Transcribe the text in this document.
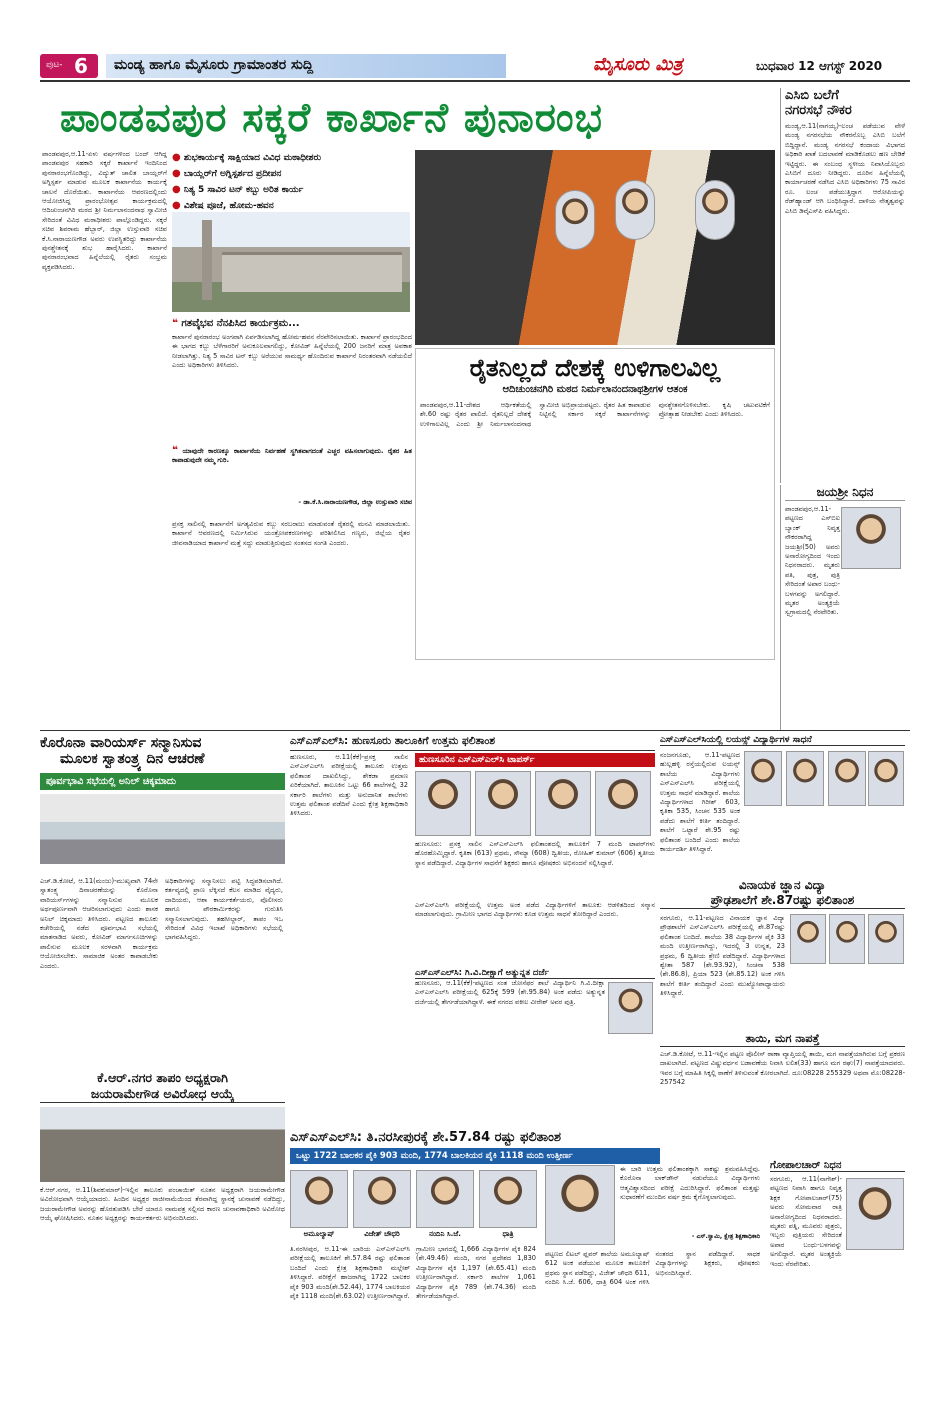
ಪುಟ- 6	ಮಂಡ್ಯ ಹಾಗೂ ಮೈಸೂರು ಗ್ರಾಮಾಂತರ ಸುದ್ದಿ	ಮೈಸೂರು ಮಿತ್ರ	ಬುಧವಾರ 12 ಆಗಸ್ಟ್ 2020
ಪಾಂಡವಪುರ ಸಕ್ಕರೆ ಕಾರ್ಖಾನೆ ಪುನಾರಂಭ
ಪಾಂಡವಪುರ,ಆ.11-ಏಳು ವರ್ಷಗಳಿಂದ ಬಂದ್ ಆಗಿದ್ದ ಪಾಂಡವಪುರ ಸಹಕಾರಿ ಸಕ್ಕರೆ ಕಾರ್ಖಾನೆ ಇಂದಿನಿಂದ ಪುನರಾರಂಭಗೊಂಡಿದ್ದು, ವಿದ್ಯುತ್ ಚಾಲಿತ ಬಾಯ್ಲರ್‌ಗೆ ಅಗ್ನಿಸ್ಪರ್ಶ ಮಾಡುವ ಮೂಲಕ ಕಾರ್ಖಾನೆಯ ಕಾರ್ಯಕ್ಕೆ ಚಾಲನೆ ದೊರೆಯಿತು. ಕಾರ್ಖಾನೆಯ ಆವರಣದಲ್ಲಿಂದು ಆಯೋಜಿಸಿದ್ದ ಪ್ರಾರಂಭೋತ್ಸವ ಕಾರ್ಯಕ್ರಮದಲ್ಲಿ ಆದಿಚುಂಚನಗಿರಿ ಮಠದ ಶ್ರೀ ನಿರ್ಮಲಾನಂದನಾಥ ಸ್ವಾಮೀಜಿ ಸೇರಿದಂತೆ ವಿವಿಧ ಮಠಾಧೀಶರು ಪಾಲ್ಗೊಂಡಿದ್ದರು. ಸಕ್ಕರೆ ಸಚಿವ ಶಿವರಾಮ ಹೆಬ್ಬಾರ್, ಜಿಲ್ಲಾ ಉಸ್ತುವಾರಿ ಸಚಿವ ಕೆ.ಸಿ.ನಾರಾಯಣಗೌಡ ಅವರು ಉಪಸ್ಥಿತರಿದ್ದು ಕಾರ್ಖಾನೆಯ ಪುನಶ್ಚೇತನಕ್ಕೆ ಶುಭ ಹಾರೈಸಿದರು. ಕಾರ್ಖಾನೆ ಪುನರಾರಂಭವಾದ ಹಿನ್ನೆಲೆಯಲ್ಲಿ ರೈತರು ಸಂಭ್ರಮ ವ್ಯಕ್ತಪಡಿಸಿದರು.
● ಶುಭಕಾರ್ಯಕ್ಕೆ ಸಾಕ್ಷಿಯಾದ ವಿವಿಧ ಮಠಾಧೀಶರು
● ಬಾಯ್ಲರ್‌ಗೆ ಅಗ್ನಿಸ್ಪರ್ಶದ ಪ್ರದೀಪನ
● ನಿತ್ಯ 5 ಸಾವಿರ ಟನ್ ಕಬ್ಬು ಅರಿತ ಕಾರ್ಯ
● ವಿಶೇಷ ಪೂಜೆ, ಹೋಮ-ಹವನ
❝ ಗತವೈಭವ ನೆನಪಿಸಿದ ಕಾರ್ಯಕ್ರಮ...
ಕಾರ್ಖಾನೆ ಪುನರಾರಂಭ ಅಂಗವಾಗಿ ಏರ್ಪಡಿಸಲಾಗಿದ್ದ ಹೋಮ-ಹವನ ನೆರವೇರಿಸಲಾಯಿತು. ಕಾರ್ಖಾನೆ ಪ್ರಾರಂಭದಿಂದ ಈ ಭಾಗದ ಕಬ್ಬು ಬೆಳೆಗಾರರಿಗೆ ಅನುಕೂಲವಾಗಲಿದ್ದು, ಕೋವಿಡ್ ಹಿನ್ನೆಲೆಯಲ್ಲಿ 200 ಜನರಿಗೆ ಮಾತ್ರ ಅವಕಾಶ ನೀಡಲಾಗಿತ್ತು. ನಿತ್ಯ 5 ಸಾವಿರ ಟನ್ ಕಬ್ಬು ಅರೆಯುವ ಸಾಮರ್ಥ್ಯ ಹೊಂದಿರುವ ಕಾರ್ಖಾನೆ ನಿರಂತರವಾಗಿ ನಡೆಯಲಿದೆ ಎಂದು ಅಧಿಕಾರಿಗಳು ತಿಳಿಸಿದರು.
❝ ಯಾವುದೇ ಕಾರಣಕ್ಕೂ ಕಾರ್ಖಾನೆಯ ನಿರ್ವಹಣೆ ಸ್ಥಗಿತವಾಗದಂತೆ ಎಚ್ಚರ ವಹಿಸಲಾಗುವುದು. ರೈತರ ಹಿತ ಕಾಪಾಡುವುದೇ ನಮ್ಮ ಗುರಿ.
- ಡಾ.ಕೆ.ಸಿ.ನಾರಾಯಣಗೌಡ, ಜಿಲ್ಲಾ ಉಸ್ತುವಾರಿ ಸಚಿವ
ಪ್ರಸಕ್ತ ಸಾಲಿನಲ್ಲಿ ಕಾರ್ಖಾನೆಗೆ ಅಗತ್ಯವಿರುವ ಕಬ್ಬು ಸರಬರಾಜು ಮಾಡುವಂತೆ ರೈತರಲ್ಲಿ ಮನವಿ ಮಾಡಲಾಯಿತು. ಕಾರ್ಖಾನೆ ಆವರಣದಲ್ಲಿ ನಿರ್ಮಿಸಿರುವ ಯಂತ್ರೋಪಕರಣಗಳನ್ನು ಪರಿಶೀಲಿಸಿದ ಗಣ್ಯರು, ಜಿಲ್ಲೆಯ ರೈತರ ಜೀವನಾಡಿಯಾದ ಕಾರ್ಖಾನೆ ಮತ್ತೆ ಸದ್ದು ಮಾಡುತ್ತಿರುವುದು ಸಂತಸದ ಸಂಗತಿ ಎಂದರು.
ರೈತನಿಲ್ಲದೆ ದೇಶಕ್ಕೆ ಉಳಿಗಾಲವಿಲ್ಲ
ಆದಿಚುಂಚನಗಿರಿ ಮಠದ ನಿರ್ಮಲಾನಂದನಾಥಶ್ರೀಗಳ ಆತಂಕ
ಪಾಂಡವಪುರ,ಆ.11-ದೇಶದ ಆರ್ಥಿಕತೆಯಲ್ಲಿ ಶೇ.60 ರಷ್ಟು ರೈತರ ಪಾಲಿದೆ. ರೈತನಿಲ್ಲದೆ ದೇಶಕ್ಕೆ ಉಳಿಗಾಲವಿಲ್ಲ ಎಂದು ಶ್ರೀ ನಿರ್ಮಲಾನಂದನಾಥ ಸ್ವಾಮೀಜಿ ಅಭಿಪ್ರಾಯಪಟ್ಟರು. ರೈತರ ಹಿತ ಕಾಪಾಡುವ ನಿಟ್ಟಿನಲ್ಲಿ ಸರ್ಕಾರ ಸಕ್ಕರೆ ಕಾರ್ಖಾನೆಗಳನ್ನು ಪುನಶ್ಚೇತನಗೊಳಿಸಬೇಕು. ಕೃಷಿ ಚಟುವಟಿಕೆಗೆ ಪ್ರೋತ್ಸಾಹ ನೀಡಬೇಕು ಎಂದು ತಿಳಿಸಿದರು.
ಎಸಿಬಿ ಬಲೆಗೆ
ನಗರಸಭೆ ನೌಕರ
ಮಂಡ್ಯ,ಆ.11(ನಾಗಯ್ಯ)-ಲಂಚ ಪಡೆಯುವ ವೇಳೆ ಮಂಡ್ಯ ನಗರಸಭೆಯ ನೌಕರನೊಬ್ಬ ಎಸಿಬಿ ಬಲೆಗೆ ಬಿದ್ದಿದ್ದಾನೆ. ಮಂಡ್ಯ ನಗರಸಭೆ ಕಂದಾಯ ವಿಭಾಗದ ಅಧಿಕಾರಿ ಖಾತೆ ಬದಲಾವಣೆ ಮಾಡಿಕೊಡಲು ಹಣ ಬೇಡಿಕೆ ಇಟ್ಟಿದ್ದರು. ಈ ಸಂಬಂಧ ಸ್ಥಳೀಯ ನಿವಾಸಿಯೊಬ್ಬರು ಎಸಿಬಿಗೆ ದೂರು ನೀಡಿದ್ದರು. ದೂರಿನ ಹಿನ್ನೆಲೆಯಲ್ಲಿ ಕಾರ್ಯಾಚರಣೆ ನಡೆಸಿದ ಎಸಿಬಿ ಅಧಿಕಾರಿಗಳು 75 ಸಾವಿರ ರೂ. ಲಂಚ ಪಡೆಯುತ್ತಿದ್ದಾಗ ಆರೋಪಿಯನ್ನು ರೆಡ್‌ಹ್ಯಾಂಡ್ ಆಗಿ ಬಂಧಿಸಿದ್ದಾರೆ. ದಾಳಿಯ ನೇತೃತ್ವವನ್ನು ಎಸಿಬಿ ಡಿವೈಎಸ್‌ಪಿ ವಹಿಸಿದ್ದರು.
ಜಯಶ್ರೀ ನಿಧನ
ಪಾಂಡವಪುರ,ಆ.11-ಪಟ್ಟಣದ ಎಸ್‌ಬಿಐ ಬ್ಯಾಂಕ್ ನಿವೃತ್ತ ನೌಕರರಾಗಿದ್ದ ಜಯಶ್ರೀ(50) ಅವರು ಅನಾರೋಗ್ಯದಿಂದ ಇಂದು ನಿಧನರಾದರು. ಮೃತರು ಪತಿ, ಪುತ್ರ, ಪುತ್ರಿ ಸೇರಿದಂತೆ ಅಪಾರ ಬಂಧು-ಬಳಗವನ್ನು ಅಗಲಿದ್ದಾರೆ. ಮೃತರ ಅಂತ್ಯಕ್ರಿಯೆ ಸ್ವಗ್ರಾಮದಲ್ಲಿ ನೆರವೇರಿತು.
ಕೊರೊನಾ ವಾರಿಯರ್ಸ್ ಸನ್ಮಾನಿಸುವ
ಮೂಲಕ ಸ್ವಾತಂತ್ರ್ಯ ದಿನ ಆಚರಣೆ
ಪೂರ್ವಭಾವಿ ಸಭೆಯಲ್ಲಿ ಅನಿಲ್ ಚಿಕ್ಕಮಾದು
ಎಚ್.ಡಿ.ಕೋಟೆ, ಆ.11(ಮಂಜು)-ಮುಖ್ಯವಾಗಿ 74ನೇ ಸ್ವಾತಂತ್ರ್ಯ ದಿನಾಚರಣೆಯನ್ನು ಕೊರೊನಾ ವಾರಿಯರ್ಸ್‌ಗಳನ್ನು ಸನ್ಮಾನಿಸುವ ಮೂಲಕ ಅರ್ಥಪೂರ್ಣವಾಗಿ ಆಚರಿಸಲಾಗುವುದು ಎಂದು ಶಾಸಕ ಅನಿಲ್ ಚಿಕ್ಕಮಾದು ತಿಳಿಸಿದರು. ಪಟ್ಟಣದ ತಾಲೂಕು ಕಚೇರಿಯಲ್ಲಿ ನಡೆದ ಪೂರ್ವಭಾವಿ ಸಭೆಯಲ್ಲಿ ಮಾತನಾಡಿದ ಅವರು, ಕೋವಿಡ್ ಮಾರ್ಗಸೂಚಿಗಳನ್ನು ಪಾಲಿಸುವ ಮೂಲಕ ಸರಳವಾಗಿ ಕಾರ್ಯಕ್ರಮ ಆಯೋಜಿಸಬೇಕು. ಸಾಮಾಜಿಕ ಅಂತರ ಕಾಪಾಡಬೇಕು ಎಂದರು.
ಅಧಿಕಾರಿಗಳನ್ನು ಸನ್ಮಾನಿಸಲು ಪಟ್ಟಿ ಸಿದ್ಧಪಡಿಸಲಾಗಿದೆ. ಕರ್ತವ್ಯದಲ್ಲಿ ಪ್ರಾಣ ಲೆಕ್ಕಿಸದೆ ಕೆಲಸ ಮಾಡಿದ ವೈದ್ಯರು, ದಾದಿಯರು, ಆಶಾ ಕಾರ್ಯಕರ್ತೆಯರು, ಪೊಲೀಸರು ಹಾಗೂ ಪೌರಕಾರ್ಮಿಕರನ್ನು ಗುರುತಿಸಿ ಸನ್ಮಾನಿಸಲಾಗುವುದು. ತಹಸೀಲ್ದಾರ್, ತಾಪಂ ಇಒ ಸೇರಿದಂತೆ ವಿವಿಧ ಇಲಾಖೆ ಅಧಿಕಾರಿಗಳು ಸಭೆಯಲ್ಲಿ ಭಾಗವಹಿಸಿದ್ದರು.
ಕೆ.ಆರ್.ನಗರ ತಾಪಂ ಅಧ್ಯಕ್ಷರಾಗಿ
ಜಯರಾಮೇಗೌಡ ಅವಿರೋಧ ಆಯ್ಕೆ
ಕೆ.ಆರ್.ನಗರ, ಆ.11(ಶಿವಕುಮಾರ್)-ಇಲ್ಲಿನ ತಾಲೂಕು ಪಂಚಾಯಿತ್ ನೂತನ ಅಧ್ಯಕ್ಷರಾಗಿ ಜಯರಾಮೇಗೌಡ ಅವಿರೋಧವಾಗಿ ಆಯ್ಕೆಯಾದರು. ಹಿಂದಿನ ಅಧ್ಯಕ್ಷರ ರಾಜೀನಾಮೆಯಿಂದ ತೆರವಾಗಿದ್ದ ಸ್ಥಾನಕ್ಕೆ ಚುನಾವಣೆ ನಡೆದಿದ್ದು, ಜಯರಾಮೇಗೌಡ ಅವರನ್ನು ಹೊರತುಪಡಿಸಿ ಬೇರೆ ಯಾರೂ ನಾಮಪತ್ರ ಸಲ್ಲಿಸದ ಕಾರಣ ಚುನಾವಣಾಧಿಕಾರಿ ಅವಿರೋಧ ಆಯ್ಕೆ ಘೋಷಿಸಿದರು. ನೂತನ ಅಧ್ಯಕ್ಷರನ್ನು ಕಾರ್ಯಕರ್ತರು ಅಭಿನಂದಿಸಿದರು.
ಎಸ್‌ಎಸ್‌ಎಲ್‌ಸಿ: ಹುಣಸೂರು ತಾಲೂಕಿಗೆ ಉತ್ತಮ ಫಲಿತಾಂಶ
ಹುಣಸೂರು, ಆ.11(ಕೆಕೆ)-ಪ್ರಸಕ್ತ ಸಾಲಿನ ಎಸ್‌ಎಸ್‌ಎಲ್‌ಸಿ ಪರೀಕ್ಷೆಯಲ್ಲಿ ತಾಲೂಕು ಉತ್ತಮ ಫಲಿತಾಂಶ ದಾಖಲಿಸಿದ್ದು, ಶೇಕಡಾ ಪ್ರಮಾಣ ಏರಿಕೆಯಾಗಿದೆ. ತಾಲೂಕಿನ ಒಟ್ಟು 66 ಶಾಲೆಗಳಲ್ಲಿ 32 ಸರ್ಕಾರಿ ಶಾಲೆಗಳು ಮತ್ತು ಅನುದಾನಿತ ಶಾಲೆಗಳು ಉತ್ತಮ ಫಲಿತಾಂಶ ಪಡೆದಿವೆ ಎಂದು ಕ್ಷೇತ್ರ ಶಿಕ್ಷಣಾಧಿಕಾರಿ ತಿಳಿಸಿದರು.
ಹುಣಸೂರಿನ ಎಸ್‌ಎಸ್‌ಎಲ್‌ಸಿ ಟಾಪರ್ಸ್
ಹುಣಸೂರು: ಪ್ರಸಕ್ತ ಸಾಲಿನ ಎಸ್‌ಎಸ್‌ಎಲ್‌ಸಿ ಫಲಿತಾಂಶದಲ್ಲಿ ತಾಲೂಕಿಗೆ 7 ಮಂದಿ ಟಾಪರ್‌ಗಳು ಹೊರಹೊಮ್ಮಿದ್ದಾರೆ. ಕೃತಿಕಾ (613) ಪ್ರಥಮ, ಸೌಮ್ಯಾ (608) ದ್ವಿತೀಯ, ರೋಹಿತ್ ಕುಮಾರ್ (606) ತೃತೀಯ ಸ್ಥಾನ ಪಡೆದಿದ್ದಾರೆ. ವಿದ್ಯಾರ್ಥಿಗಳ ಸಾಧನೆಗೆ ಶಿಕ್ಷಕರು ಹಾಗೂ ಪೋಷಕರು ಅಭಿನಂದನೆ ಸಲ್ಲಿಸಿದ್ದಾರೆ.
ಎಸ್‌ಎಸ್‌ಎಲ್‌ಸಿ ಪರೀಕ್ಷೆಯಲ್ಲಿ ಉತ್ತಮ ಅಂಕ ಪಡೆದ ವಿದ್ಯಾರ್ಥಿಗಳಿಗೆ ತಾಲೂಕು ಆಡಳಿತದಿಂದ ಸನ್ಮಾನ ಮಾಡಲಾಗುವುದು. ಗ್ರಾಮೀಣ ಭಾಗದ ವಿದ್ಯಾರ್ಥಿಗಳು ಕೂಡ ಉತ್ತಮ ಸಾಧನೆ ತೋರಿದ್ದಾರೆ ಎಂದರು.
ಎಸ್‌ಎಸ್‌ಎಲ್‌ಸಿ: ಗಿ.ವಿ.ದೀಕ್ಷಾಗೆ ಅತ್ಯುನ್ನತ ದರ್ಜೆ
ಹುಣಸೂರು, ಆ.11(ಕೆಕೆ)-ಪಟ್ಟಣದ ಸಂತ ಜೋಸೆಫರ ಶಾಲೆ ವಿದ್ಯಾರ್ಥಿನಿ ಗಿ.ವಿ.ದೀಕ್ಷಾ ಎಸ್‌ಎಸ್‌ಎಲ್‌ಸಿ ಪರೀಕ್ಷೆಯಲ್ಲಿ 625ಕ್ಕೆ 599 (ಶೇ.95.84) ಅಂಕ ಪಡೆದು ಅತ್ಯುನ್ನತ ದರ್ಜೆಯಲ್ಲಿ ತೇರ್ಗಡೆಯಾಗಿದ್ದಾಳೆ. ಈಕೆ ನಗರದ ವಕೀಲ ವೀರೇಶ್ ಅವರ ಪುತ್ರಿ.
ಎಸ್‌ಎಸ್‌ಎಲ್‌ಸಿಯಲ್ಲಿ ಲಯನ್ಸ್ ವಿದ್ಯಾರ್ಥಿಗಳ ಸಾಧನೆ
ನಂಜನಗೂಡು, ಆ.11-ಪಟ್ಟಣದ ಹುಲ್ಲಹಳ್ಳಿ ರಸ್ತೆಯಲ್ಲಿರುವ ಲಯನ್ಸ್ ಶಾಲೆಯ ವಿದ್ಯಾರ್ಥಿಗಳು ಎಸ್‌ಎಸ್‌ಎಲ್‌ಸಿ ಪರೀಕ್ಷೆಯಲ್ಲಿ ಉತ್ತಮ ಸಾಧನೆ ಮಾಡಿದ್ದಾರೆ. ಶಾಲೆಯ ವಿದ್ಯಾರ್ಥಿಗಳಾದ ಗಿರೀಶ್ 603, ಕೃತಿಕಾ 535, ಸಿಂಚನ 535 ಅಂಕ ಪಡೆದು ಶಾಲೆಗೆ ಕೀರ್ತಿ ತಂದಿದ್ದಾರೆ. ಶಾಲೆಗೆ ಒಟ್ಟಾರೆ ಶೇ.95 ರಷ್ಟು ಫಲಿತಾಂಶ ಬಂದಿದೆ ಎಂದು ಶಾಲೆಯ ಕಾರ್ಯದರ್ಶಿ ತಿಳಿಸಿದ್ದಾರೆ.
ವಿನಾಯಕ ಜ್ಞಾನ ವಿದ್ಯಾ
ಪ್ರೌಢಶಾಲೆಗೆ ಶೇ.87ರಷ್ಟು ಫಲಿತಾಂಶ
ಸರಗೂರು, ಆ.11-ಪಟ್ಟಣದ ವಿನಾಯಕ ಜ್ಞಾನ ವಿದ್ಯಾ ಪ್ರೌಢಶಾಲೆಗೆ ಎಸ್‌ಎಸ್‌ಎಲ್‌ಸಿ ಪರೀಕ್ಷೆಯಲ್ಲಿ ಶೇ.87ರಷ್ಟು ಫಲಿತಾಂಶ ಬಂದಿದೆ. ಶಾಲೆಯ 38 ವಿದ್ಯಾರ್ಥಿಗಳ ಪೈಕಿ 33 ಮಂದಿ ಉತ್ತೀರ್ಣರಾಗಿದ್ದು, ಇದರಲ್ಲಿ 3 ಉನ್ನತ, 23 ಪ್ರಥಮ, 6 ದ್ವಿತೀಯ ಶ್ರೇಣಿ ಪಡೆದಿದ್ದಾರೆ. ವಿದ್ಯಾರ್ಥಿಗಳಾದ ಶ್ವೇತಾ 587 (ಶೇ.93.92), ಸಿಂಚನಾ 538 (ಶೇ.86.8), ಪ್ರಿಯಾ 523 (ಶೇ.85.12) ಅಂಕ ಗಳಿಸಿ ಶಾಲೆಗೆ ಕೀರ್ತಿ ತಂದಿದ್ದಾರೆ ಎಂದು ಮುಖ್ಯೋಪಾಧ್ಯಾಯರು ತಿಳಿಸಿದ್ದಾರೆ.
ತಾಯಿ, ಮಗ ನಾಪತ್ತೆ
ಎಚ್.ಡಿ.ಕೋಟೆ, ಆ.11-ಇಲ್ಲಿನ ಪಟ್ಟಣ ಪೊಲೀಸ್ ಠಾಣಾ ವ್ಯಾಪ್ತಿಯಲ್ಲಿ ತಾಯಿ, ಮಗ ನಾಪತ್ತೆಯಾಗಿರುವ ಬಗ್ಗೆ ಪ್ರಕರಣ ದಾಖಲಾಗಿದೆ. ಪಟ್ಟಣದ ವಿಷ್ಣುವರ್ಧನ ಬಡಾವಣೆಯ ನಿವಾಸಿ ಲಲಿತ(33) ಹಾಗೂ ಮಗ ರಘು(7) ನಾಪತ್ತೆಯಾದವರು. ಇವರ ಬಗ್ಗೆ ಮಾಹಿತಿ ಸಿಕ್ಕಲ್ಲಿ ಠಾಣೆಗೆ ತಿಳಿಸುವಂತೆ ಕೋರಲಾಗಿದೆ. ದೂ:08228 255329 ಅಥವಾ ಮೊ:08228-257542
ಎಸ್‌ಎಸ್‌ಎಲ್‌ಸಿ: ತಿ.ನರಸೀಪುರಕ್ಕೆ ಶೇ.57.84 ರಷ್ಟು ಫಲಿತಾಂಶ
ಒಟ್ಟು 1722 ಬಾಲಕರ ಪೈಕಿ 903 ಮಂದಿ, 1774 ಬಾಲಕಿಯರ ಪೈಕಿ 1118 ಮಂದಿ ಉತ್ತೀರ್ಣ
ಅಮೂಲ್ಯಾಷ್	ವಿಜೇತ್ ಚೌಧರಿ	ನಂದಿನಿ ಸಿ.ಜೆ.	ಧಾತ್ರಿ
ತಿ.ನರಸೀಪುರ, ಆ.11-ಈ ಬಾರಿಯ ಎಸ್‌ಎಸ್‌ಎಲ್‌ಸಿ ಪರೀಕ್ಷೆಯಲ್ಲಿ ತಾಲೂಕಿಗೆ ಶೇ.57.84 ರಷ್ಟು ಫಲಿತಾಂಶ ಬಂದಿದೆ ಎಂದು ಕ್ಷೇತ್ರ ಶಿಕ್ಷಣಾಧಿಕಾರಿ ಮಲ್ಲೇಶ್ ತಿಳಿಸಿದ್ದಾರೆ. ಪರೀಕ್ಷೆಗೆ ಹಾಜರಾಗಿದ್ದ 1722 ಬಾಲಕರ ಪೈಕಿ 903 ಮಂದಿ(ಶೇ.52.44), 1774 ಬಾಲಕಿಯರ ಪೈಕಿ 1118 ಮಂದಿ(ಶೇ.63.02) ಉತ್ತೀರ್ಣರಾಗಿದ್ದಾರೆ.
ಗ್ರಾಮೀಣ ಭಾಗದಲ್ಲಿ 1,666 ವಿದ್ಯಾರ್ಥಿಗಳ ಪೈಕಿ 824 (ಶೇ.49.46) ಮಂದಿ, ನಗರ ಪ್ರದೇಶದ 1,830 ವಿದ್ಯಾರ್ಥಿಗಳ ಪೈಕಿ 1,197 (ಶೇ.65.41) ಮಂದಿ ಉತ್ತೀರ್ಣರಾಗಿದ್ದಾರೆ. ಸರ್ಕಾರಿ ಶಾಲೆಗಳ 1,061 ವಿದ್ಯಾರ್ಥಿಗಳ ಪೈಕಿ 789 (ಶೇ.74.36) ಮಂದಿ ತೇರ್ಗಡೆಯಾಗಿದ್ದಾರೆ.
ಈ ಬಾರಿ ಉತ್ತಮ ಫಲಿತಾಂಶಕ್ಕಾಗಿ ಸಾಕಷ್ಟು ಶ್ರಮವಹಿಸಿದ್ದೆವು. ಕೊರೊನಾ ಲಾಕ್‌ಡೌನ್ ನಡುವೆಯೂ ವಿದ್ಯಾರ್ಥಿಗಳು ಆತ್ಮವಿಶ್ವಾಸದಿಂದ ಪರೀಕ್ಷೆ ಎದುರಿಸಿದ್ದಾರೆ. ಫಲಿತಾಂಶ ಮತ್ತಷ್ಟು ಸುಧಾರಣೆಗೆ ಮುಂದಿನ ವರ್ಷ ಕ್ರಮ ಕೈಗೊಳ್ಳಲಾಗುವುದು.
- ಎಸ್.ಸ್ವಾಮಿ, ಕ್ಷೇತ್ರ ಶಿಕ್ಷಣಾಧಿಕಾರಿ
ಪಟ್ಟಣದ ಲಿಟಲ್ ಫ್ಲವರ್ ಶಾಲೆಯ ಅಮೂಲ್ಯಾಷ್ 612 ಅಂಕ ಪಡೆಯುವ ಮೂಲಕ ತಾಲೂಕಿಗೆ ಪ್ರಥಮ ಸ್ಥಾನ ಪಡೆದಿದ್ದು, ವಿಜೇತ್ ಚೌಧರಿ 611, ನಂದಿನಿ ಸಿ.ಜೆ. 606, ಧಾತ್ರಿ 604 ಅಂಕ ಗಳಿಸಿ ನಂತರದ ಸ್ಥಾನ ಪಡೆದಿದ್ದಾರೆ. ಸಾಧಕ ವಿದ್ಯಾರ್ಥಿಗಳನ್ನು ಶಿಕ್ಷಕರು, ಪೋಷಕರು ಅಭಿನಂದಿಸಿದ್ದಾರೆ.
ಗೋಪಾಲಚಾರ್ ನಿಧನ
ಸರಗೂರು, ಆ.11(ನಾಗೇಶ್)-ಪಟ್ಟಣದ ನಿವಾಸಿ ಹಾಗೂ ನಿವೃತ್ತ ಶಿಕ್ಷಕ ಗೋಪಾಲಚಾರ್(75) ಅವರು ಸೋಮವಾರ ರಾತ್ರಿ ಅನಾರೋಗ್ಯದಿಂದ ನಿಧನರಾದರು. ಮೃತರು ಪತ್ನಿ, ಮೂವರು ಪುತ್ರರು, ಇಬ್ಬರು ಪುತ್ರಿಯರು ಸೇರಿದಂತೆ ಅಪಾರ ಬಂಧು-ಬಳಗವನ್ನು ಅಗಲಿದ್ದಾರೆ. ಮೃತರ ಅಂತ್ಯಕ್ರಿಯೆ ಇಂದು ನೆರವೇರಿತು.
